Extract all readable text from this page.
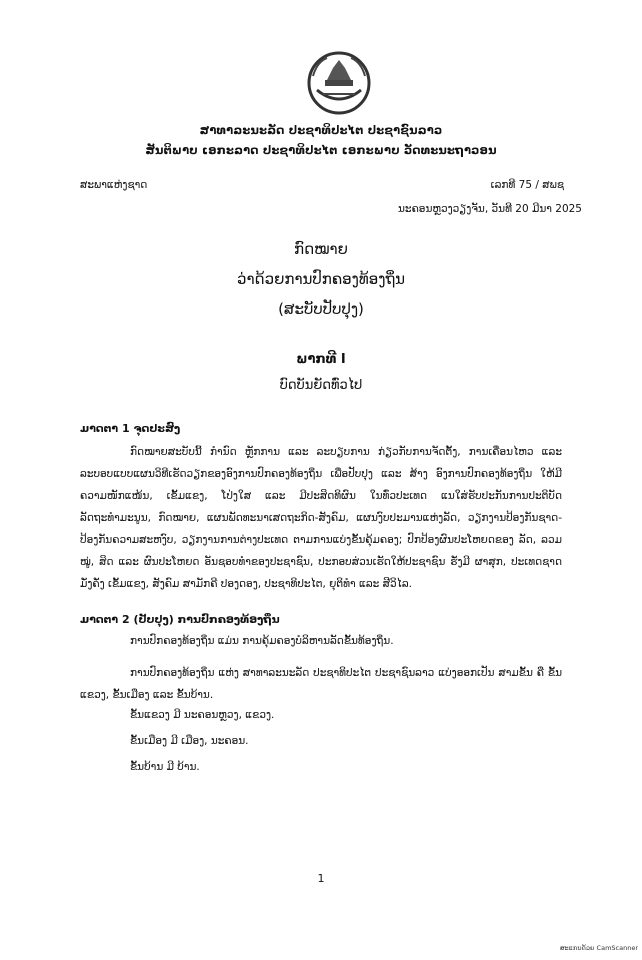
ສາທາລະນະລັດ ປະຊາທິປະໄຕ ປະຊາຊົນລາວ
ສັນຕິພາບ ເອກະລາດ ປະຊາທິປະໄຕ ເອກະພາບ ວັດທະນະຖາວອນ
ສະພາແຫ່ງຊາດ	ເລກທີ 75 / ສພຊ
ນະຄອນຫຼວງວຽງຈັນ, ວັນທີ 20 ມີນາ 2025
ກົດໝາຍ
ວ່າດ້ວຍການປົກຄອງທ້ອງຖິ່ນ
(ສະບັບປັບປຸງ)
ພາກທີ I
ບົດບັນຍັດທົ່ວໄປ
ມາດຕາ 1 ຈຸດປະສົງ
ກົດໝາຍສະບັບນີ້ ກຳນົດ ຫຼັກການ ແລະ ລະບຽບການ ກ່ຽວກັບການຈັດຕັ້ງ, ການເຄື່ອນໄຫວ ແລະ ລະບອບແບບແຜນວິທີເຮັດວຽກຂອງອົງການປົກຄອງທ້ອງຖິ່ນ ເພື່ອປັບປຸງ ແລະ ສ້າງ ອົງການປົກຄອງທ້ອງຖິ່ນ ໃຫ້ມີຄວາມໜັກແໜ້ນ, ເຂັ້ມແຂງ, ໂປ່ງໃສ ແລະ ມີປະສິດທິຜົນ ໃນທົ່ວປະເທດ ແນໃສ່ຮັບປະກັນການປະຕິບັດ ລັດຖະທຳມະນູນ, ກົດໝາຍ, ແຜນພັດທະນາເສດຖະກິດ-ສັງຄົມ, ແຜນງົບປະມານແຫ່ງລັດ, ວຽກງານປ້ອງກັນຊາດ-ປ້ອງກັນຄວາມສະຫງົບ, ວຽກງານການຕ່າງປະເທດ ຕາມການແບ່ງຂັ້ນຄຸ້ມຄອງ; ປົກປ້ອງຜົນປະໂຫຍດຂອງ ລັດ, ລວມໝູ່, ສິດ ແລະ ຜົນປະໂຫຍດ ອັນຊອບທຳຂອງປະຊາຊົນ, ປະກອບສ່ວນເຮັດໃຫ້ປະຊາຊົນ ຮັ່ງມີ ຜາສຸກ, ປະເທດຊາດ ມັ່ງຄັ່ງ ເຂັ້ມແຂງ, ສັງຄົມ ສາມັກຄີ ປອງດອງ, ປະຊາທິປະໄຕ, ຍຸຕິທຳ ແລະ ສີວິໄລ.
ມາດຕາ 2 (ປັບປຸງ) ການປົກຄອງທ້ອງຖິ່ນ
ການປົກຄອງທ້ອງຖິ່ນ ແມ່ນ ການຄຸ້ມຄອງບໍລິຫານລັດຂັ້ນທ້ອງຖິ່ນ.
ການປົກຄອງທ້ອງຖິ່ນ ແຫ່ງ ສາທາລະນະລັດ ປະຊາທິປະໄຕ ປະຊາຊົນລາວ ແບ່ງອອກເປັນ ສາມຂັ້ນ ຄື ຂັ້ນແຂວງ, ຂັ້ນເມືອງ ແລະ ຂັ້ນບ້ານ.
ຂັ້ນແຂວງ ມີ ນະຄອນຫຼວງ, ແຂວງ.
ຂັ້ນເມືອງ ມີ ເມືອງ, ນະຄອນ.
ຂັ້ນບ້ານ ມີ ບ້ານ.
1
ສະແກນດ້ວຍ CamScanner
